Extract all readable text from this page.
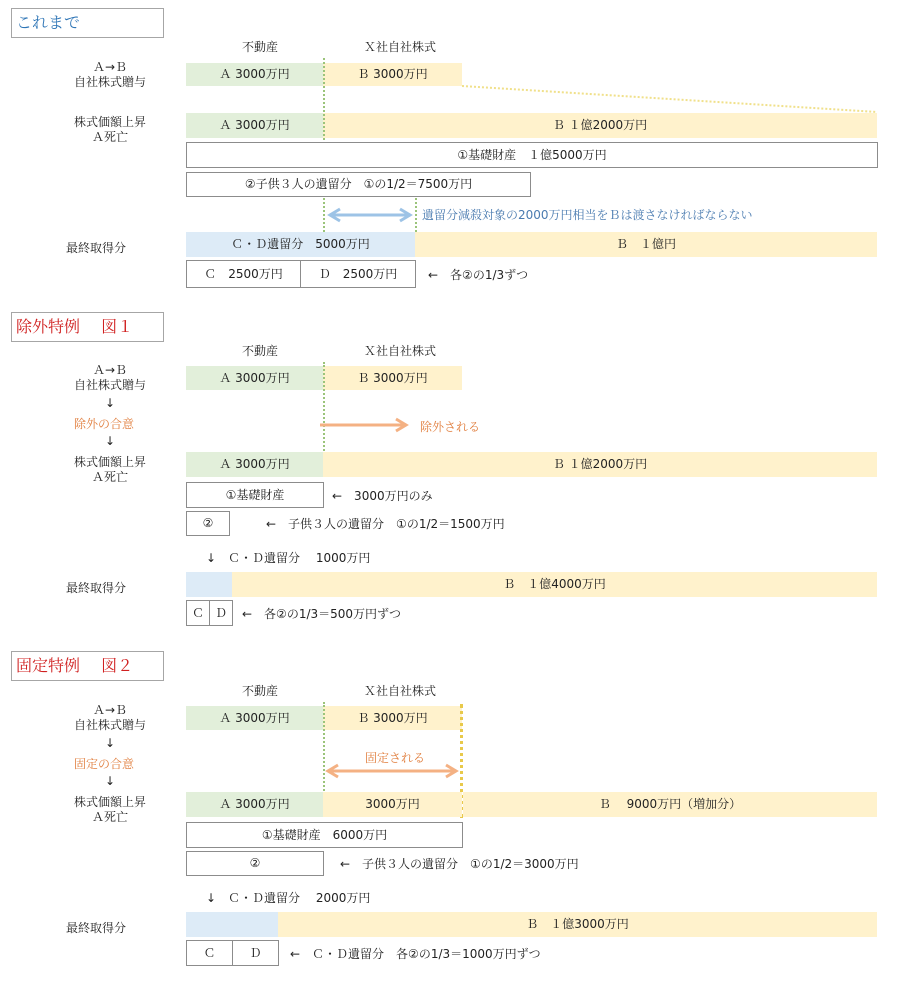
これまで
不動産	Ｘ社自社株式
Ａ→Ｂ
自社株式贈与
Ａ 3000万円	Ｂ 3000万円
株式価額上昇
Ａ死亡
Ａ 3000万円	Ｂ １億2000万円
①基礎財産　１億5000万円
②子供３人の遺留分　①の1/2＝7500万円
遺留分減殺対象の2000万円相当をＢは渡さなければならない
最終取得分	Ｃ・Ｄ遺留分　5000万円	Ｂ　１億円
Ｃ　2500万円	Ｄ　2500万円	←　各②の1/3ずつ
除外特例　 図１
不動産	Ｘ社自社株式
Ａ→Ｂ
自社株式贈与
↓
除外の合意
↓
Ａ 3000万円	Ｂ 3000万円
除外される
株式価額上昇
Ａ死亡
Ａ 3000万円	Ｂ １億2000万円
①基礎財産	←　3000万円のみ
②	←　子供３人の遺留分　①の1/2＝1500万円
↓　Ｃ・Ｄ遺留分　 1000万円
最終取得分	Ｂ　１億4000万円
Ｃ Ｄ	←　各②の1/3＝500万円ずつ
固定特例　 図２
不動産	Ｘ社自社株式
Ａ→Ｂ
自社株式贈与
↓
固定の合意
↓
Ａ 3000万円	Ｂ 3000万円
固定される
株式価額上昇
Ａ死亡
Ａ 3000万円	3000万円	Ｂ　 9000万円（増加分）
①基礎財産　6000万円
②	←　子供３人の遺留分　①の1/2＝3000万円
↓　Ｃ・Ｄ遺留分　 2000万円
最終取得分	Ｂ　１億3000万円
Ｃ	Ｄ	←　Ｃ・Ｄ遺留分　各②の1/3＝1000万円ずつ
